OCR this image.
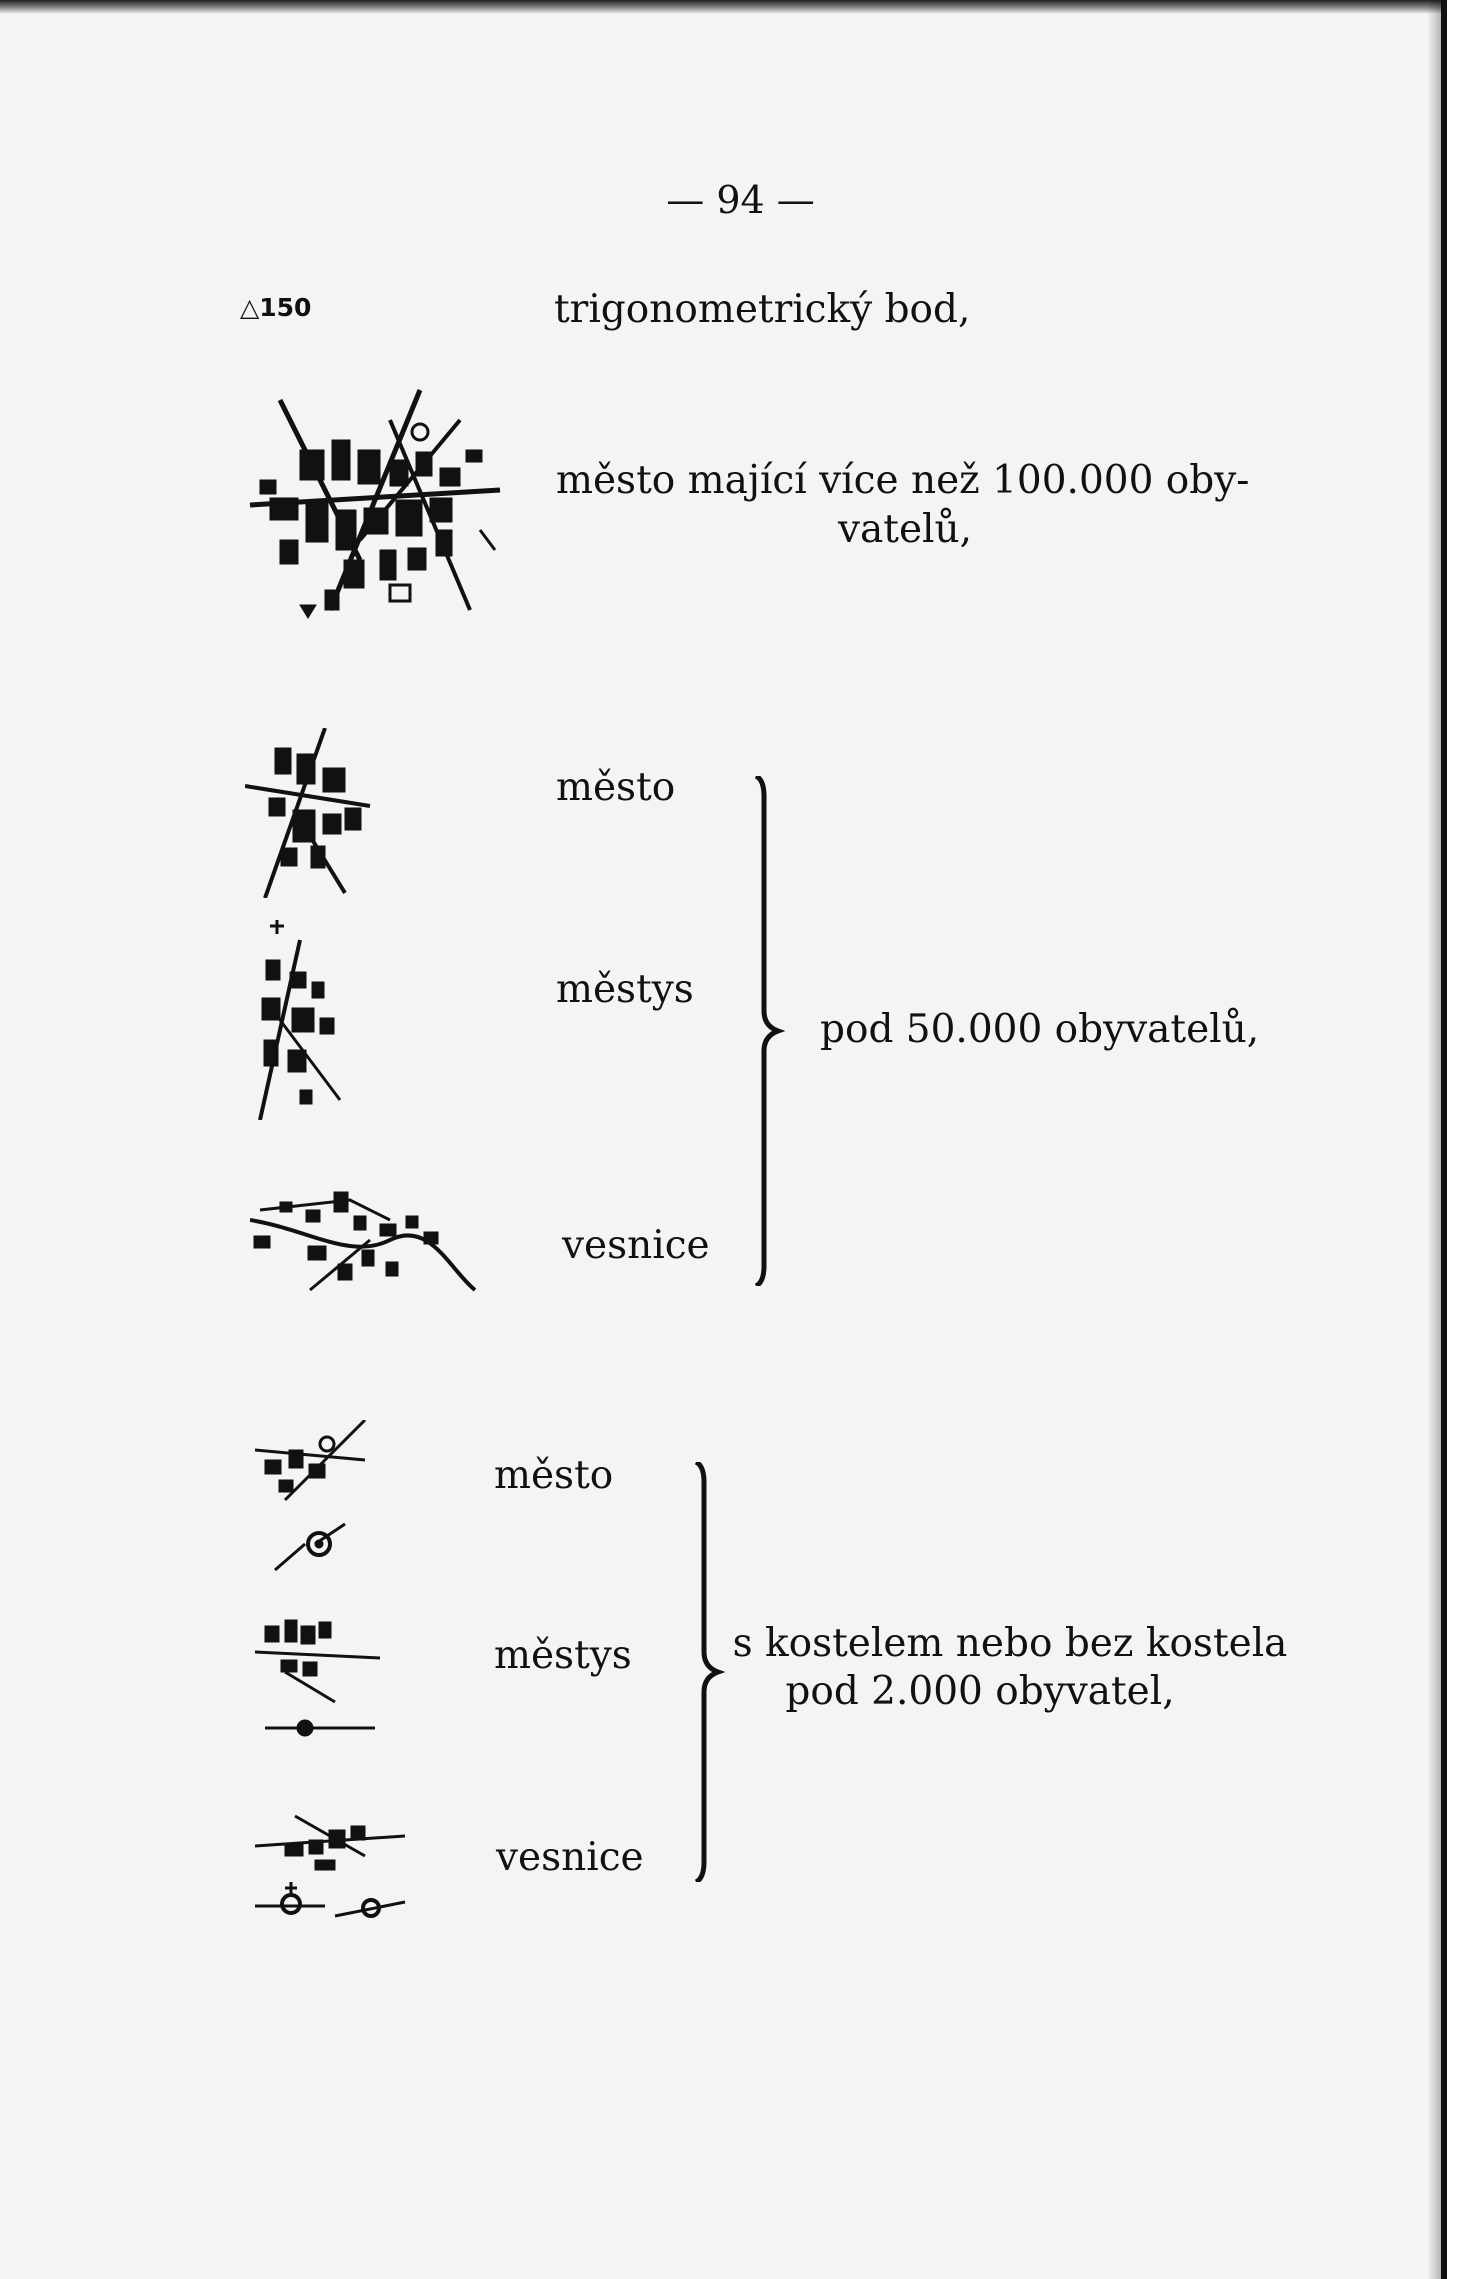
— 94 —
△150	trigonometrický bod,
město mající více než 100.000 oby-
vatelů,
město
městys
vesnice
pod 50.000 obyvatelů,
město
městys
vesnice
s kostelem nebo bez kostela
pod 2.000 obyvatel,
